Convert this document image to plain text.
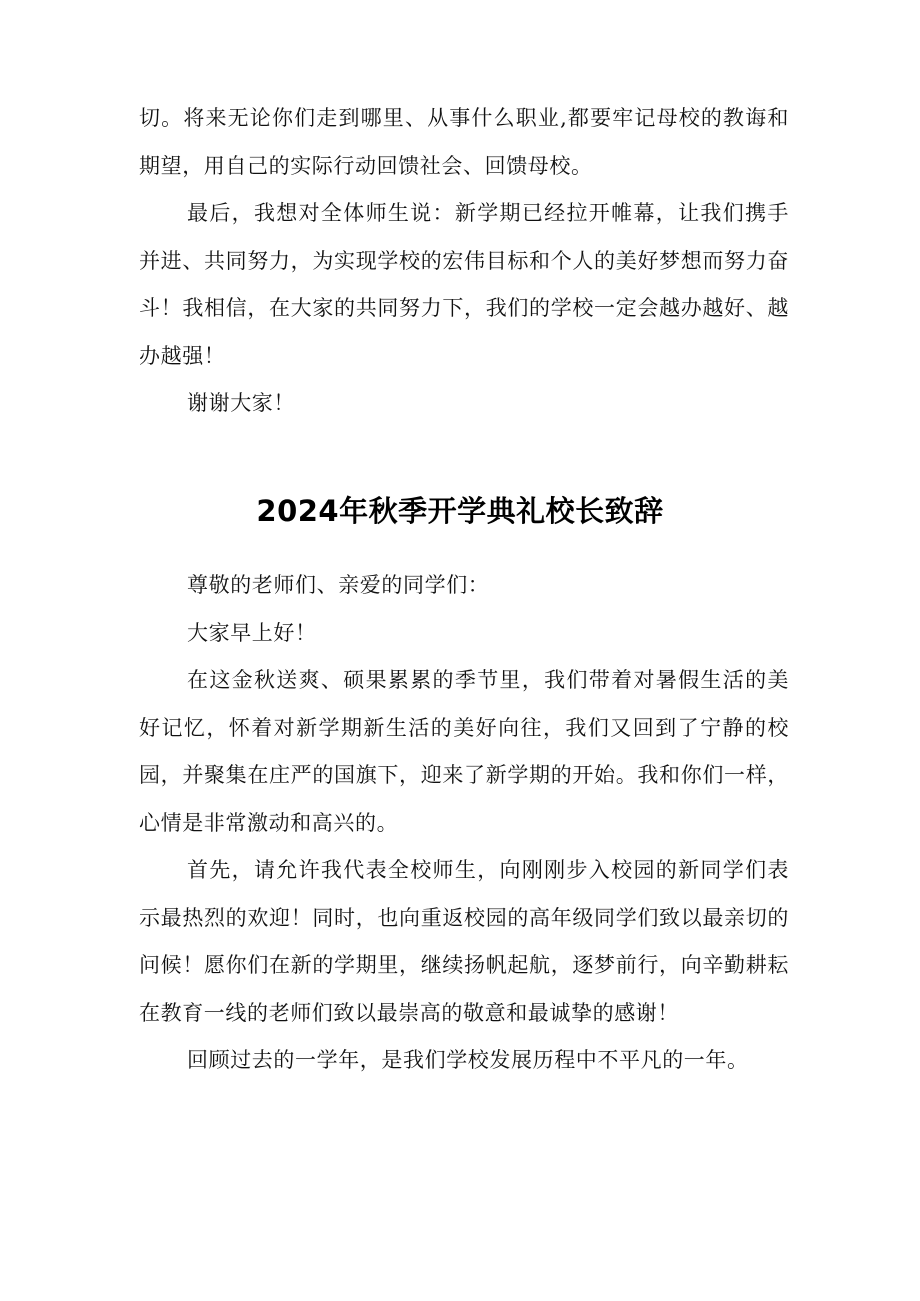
切。将来无论你们走到哪里、从事什么职业,都要牢记母校的教诲和期望，用自己的实际行动回馈社会、回馈母校。

最后，我想对全体师生说：新学期已经拉开帷幕，让我们携手并进、共同努力，为实现学校的宏伟目标和个人的美好梦想而努力奋斗！我相信，在大家的共同努力下，我们的学校一定会越办越好、越办越强！

谢谢大家！

2024年秋季开学典礼校长致辞

尊敬的老师们、亲爱的同学们：

大家早上好！

在这金秋送爽、硕果累累的季节里，我们带着对暑假生活的美好记忆，怀着对新学期新生活的美好向往，我们又回到了宁静的校园，并聚集在庄严的国旗下，迎来了新学期的开始。我和你们一样，心情是非常激动和高兴的。

首先，请允许我代表全校师生，向刚刚步入校园的新同学们表示最热烈的欢迎！同时，也向重返校园的高年级同学们致以最亲切的问候！愿你们在新的学期里，继续扬帆起航，逐梦前行，向辛勤耕耘在教育一线的老师们致以最崇高的敬意和最诚挚的感谢！

回顾过去的一学年，是我们学校发展历程中不平凡的一年。
